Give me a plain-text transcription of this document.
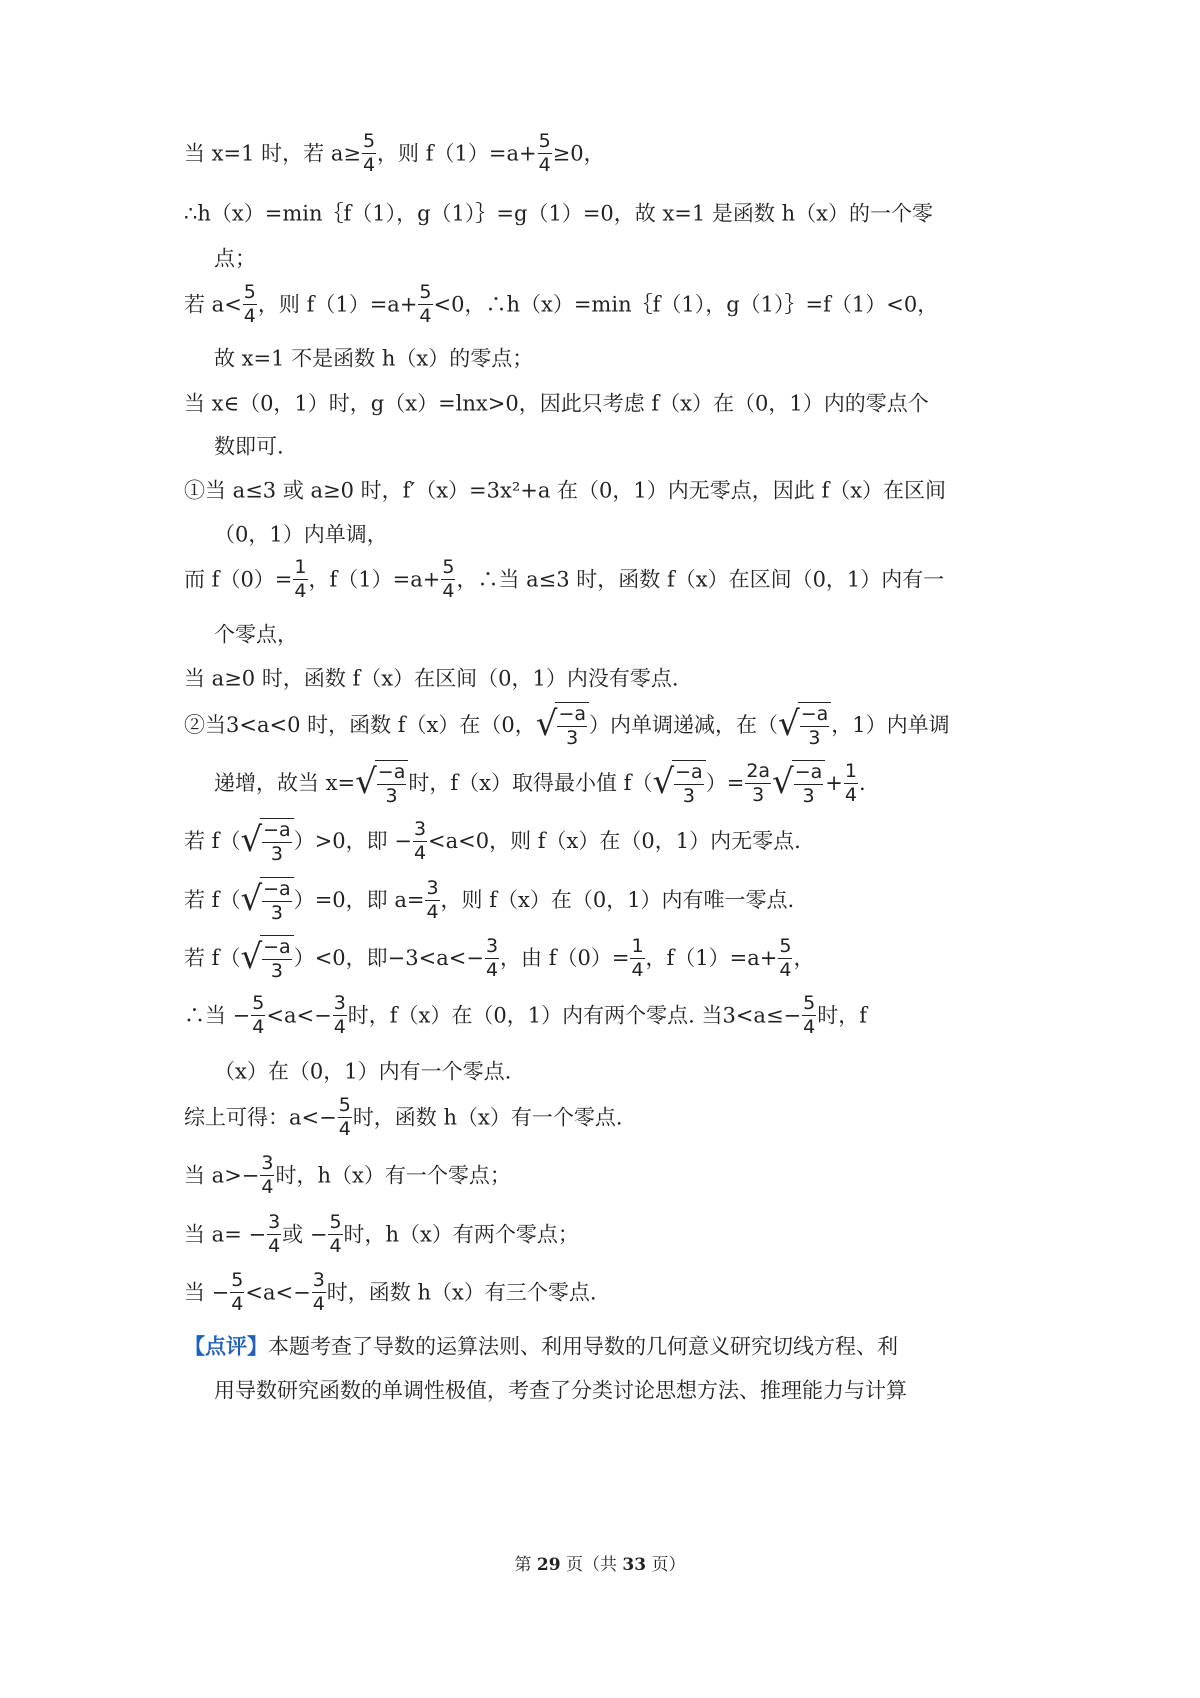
当 x=1 时，若 $a\ge \frac{5}{4}$ ，则 $f(1)=a+ \frac{5}{4} \ge 0$，
∴h（x）=min｛f（1），g（1）｝=g（1）=0，故 x=1 是函数 h（x）的一个零
点；
若 $a< \frac{5}{4}$ ，则 $f(1)=a+ \frac{5}{4} <0$，∴h（x）=min｛f（1），g（1）｝=f（1）<0，
故 x=1 不是函数 h（x）的零点；
当 x∈（0，1）时，g（x）=lnx>0，因此只考虑 f（x）在（0，1）内的零点个
数即可.
①当 a≤3 或 a≥0 时，f′（x）=3x²+a 在（0，1）内无零点，因此 f（x）在区间
（0，1）内单调，
而 $f(0)= \frac{1}{4}$ ，$f(1)=a+ \frac{5}{4}$ ，∴当 a≤3 时，函数 f（x）在区间（0，1）内有一
个零点，
当 a≥0 时，函数 f（x）在区间（0，1）内没有零点.
②当3<a<0 时，函数 f（x）在（0， √ $\frac{-a}{3}$ ）内单调递减，在（ √ $\frac{-a}{3}$ ，1）内单调
递增，故当 x= √ $\frac{-a}{3}$ 时，f（x）取得最小值 f（ √ $\frac{-a}{3}$ ）= $\frac{2a}{3}$ √ $\frac{-a}{3} + \frac{1}{4}$ .
若 f（ √ $\frac{-a}{3} )>0$，即 − $\frac{3}{4} <a<0$，则 f（x）在（0，1）内无零点.
若 f（ √ $\frac{-a}{3} )=0$，即 $a= \frac{3}{4}$ ，则 f（x）在（0，1）内有唯一零点.
若 f（ √ $\frac{-a}{3} )<0$，即$-3<a<- \frac{3}{4}$ ，由 $f(0)= \frac{1}{4}$ ，$f(1)=a+ \frac{5}{4}$ ，
∴当 − $\frac{5}{4} <a<- \frac{3}{4}$ 时，f（x）在（0，1）内有两个零点. 当$3<a\le- \frac{5}{4}$ 时，f
（x）在（0，1）内有一个零点.
综上可得：$a<- \frac{5}{4}$ 时，函数 h（x）有一个零点.
当 $a>- \frac{3}{4}$ 时，h（x）有一个零点；
当 $a= - \frac{3}{4}$ 或 − $\frac{5}{4}$ 时，h（x）有两个零点；
当 − $\frac{5}{4} <a<- \frac{3}{4}$ 时，函数 h（x）有三个零点.
【点评】本题考查了导数的运算法则、利用导数的几何意义研究切线方程、利
用导数研究函数的单调性极值，考查了分类讨论思想方法、推理能力与计算
第 29 页（共 33 页）
